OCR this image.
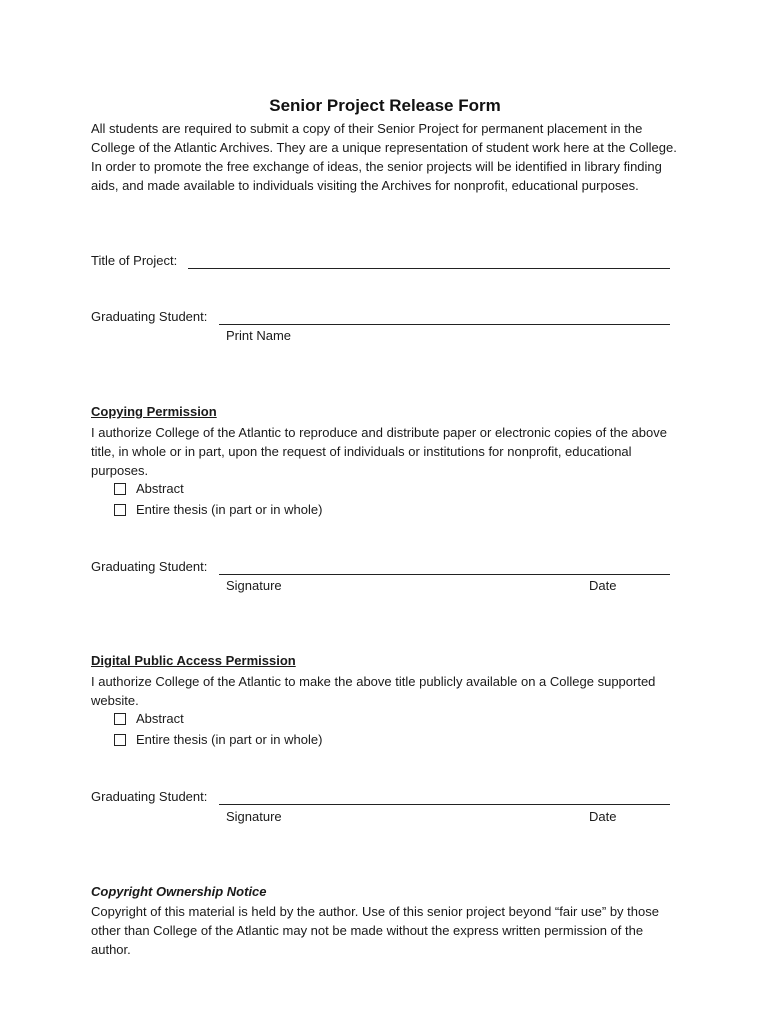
Senior Project Release Form
All students are required to submit a copy of their Senior Project for permanent placement in the College of the Atlantic Archives. They are a unique representation of student work here at the College. In order to promote the free exchange of ideas, the senior projects will be identified in library finding aids, and made available to individuals visiting the Archives for nonprofit, educational purposes.
Title of Project:
Graduating Student:
Print Name
Copying Permission
I authorize College of the Atlantic to reproduce and distribute paper or electronic copies of the above title, in whole or in part, upon the request of individuals or institutions for nonprofit, educational purposes.
Abstract
Entire thesis (in part or in whole)
Graduating Student:
Signature	Date
Digital Public Access Permission
I authorize College of the Atlantic to make the above title publicly available on a College supported website.
Abstract
Entire thesis (in part or in whole)
Graduating Student:
Signature	Date
Copyright Ownership Notice
Copyright of this material is held by the author. Use of this senior project beyond “fair use” by those other than College of the Atlantic may not be made without the express written permission of the author.
